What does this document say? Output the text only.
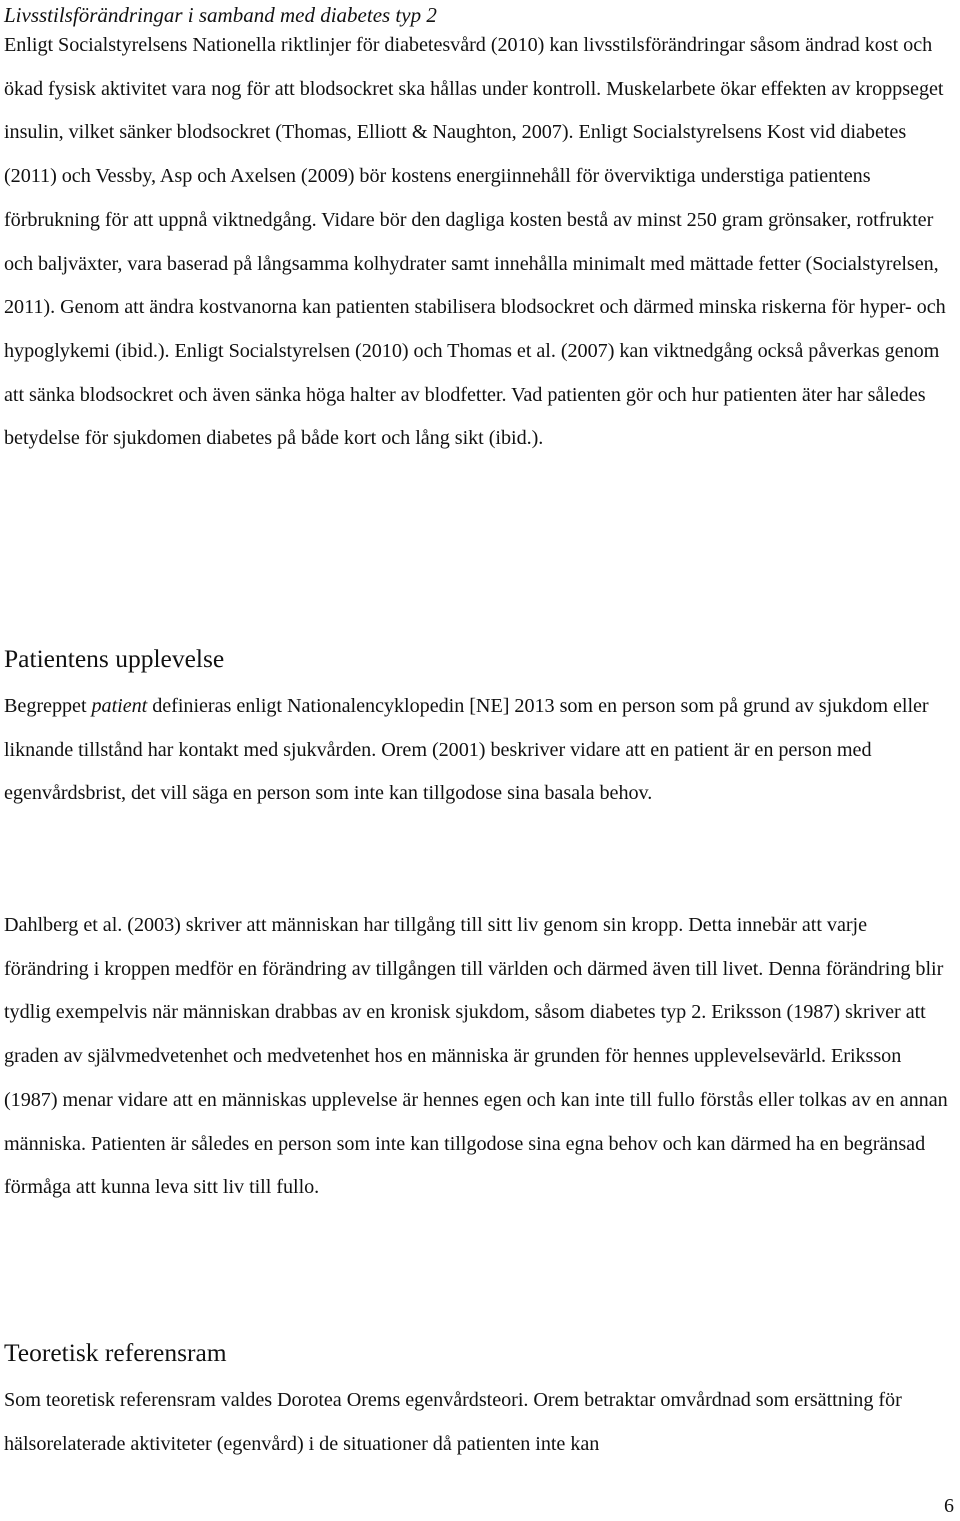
Livsstilsförändringar i samband med diabetes typ 2

Enligt Socialstyrelsens Nationella riktlinjer för diabetesvård (2010) kan livsstilsförändringar såsom ändrad kost och ökad fysisk aktivitet vara nog för att blodsockret ska hållas under kontroll. Muskelarbete ökar effekten av kroppseget insulin, vilket sänker blodsockret (Thomas, Elliott & Naughton, 2007). Enligt Socialstyrelsens Kost vid diabetes (2011) och Vessby, Asp och Axelsen (2009) bör kostens energiinnehåll för överviktiga understiga patientens förbrukning för att uppnå viktnedgång. Vidare bör den dagliga kosten bestå av minst 250 gram grönsaker, rotfrukter och baljväxter, vara baserad på långsamma kolhydrater samt innehålla minimalt med mättade fetter (Socialstyrelsen, 2011). Genom att ändra kostvanorna kan patienten stabilisera blodsockret och därmed minska riskerna för hyper- och hypoglykemi (ibid.). Enligt Socialstyrelsen (2010) och Thomas et al. (2007) kan viktnedgång också påverkas genom att sänka blodsockret och även sänka höga halter av blodfetter. Vad patienten gör och hur patienten äter har således betydelse för sjukdomen diabetes på både kort och lång sikt (ibid.).

Patientens upplevelse

Begreppet patient definieras enligt Nationalencyklopedin [NE] 2013 som en person som på grund av sjukdom eller liknande tillstånd har kontakt med sjukvården. Orem (2001) beskriver vidare att en patient är en person med egenvårdsbrist, det vill säga en person som inte kan tillgodose sina basala behov.

Dahlberg et al. (2003) skriver att människan har tillgång till sitt liv genom sin kropp. Detta innebär att varje förändring i kroppen medför en förändring av tillgången till världen och därmed även till livet. Denna förändring blir tydlig exempelvis när människan drabbas av en kronisk sjukdom, såsom diabetes typ 2. Eriksson (1987) skriver att graden av självmedvetenhet och medvetenhet hos en människa är grunden för hennes upplevelsevärld. Eriksson (1987) menar vidare att en människas upplevelse är hennes egen och kan inte till fullo förstås eller tolkas av en annan människa. Patienten är således en person som inte kan tillgodose sina egna behov och kan därmed ha en begränsad förmåga att kunna leva sitt liv till fullo.

Teoretisk referensram

Som teoretisk referensram valdes Dorotea Orems egenvårdsteori. Orem betraktar omvårdnad som ersättning för hälsorelaterade aktiviteter (egenvård) i de situationer då patienten inte kan

6
